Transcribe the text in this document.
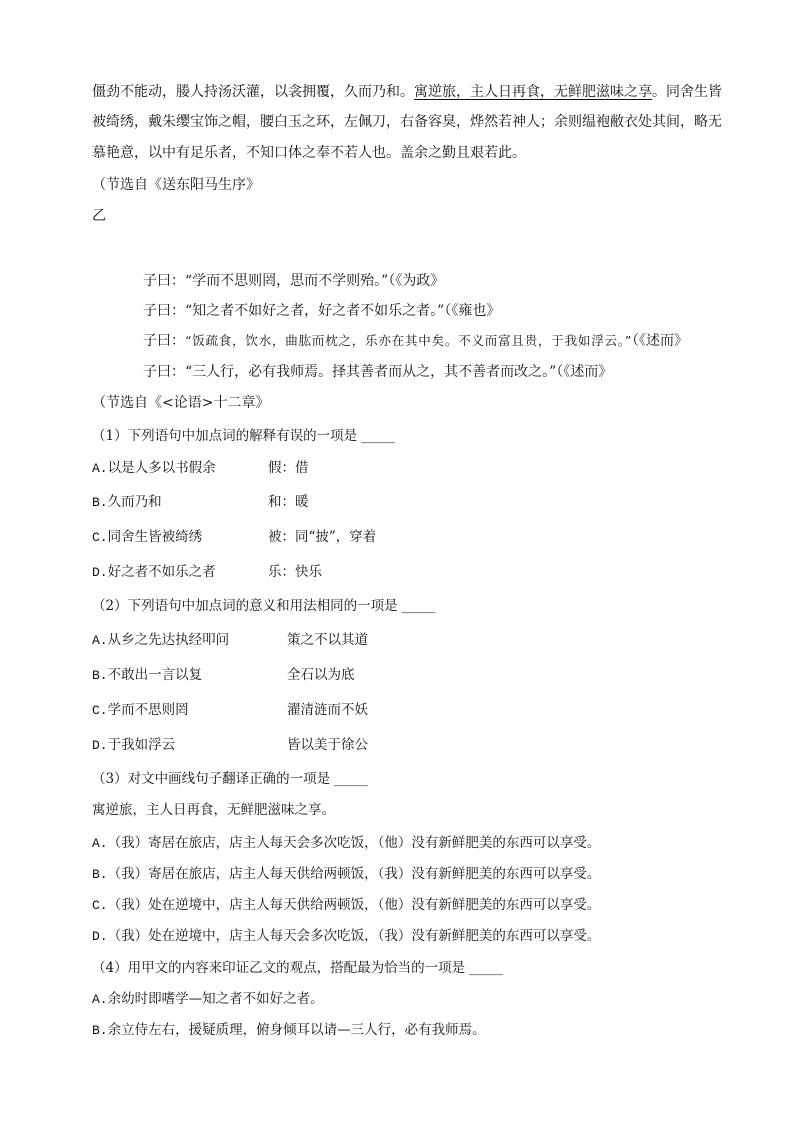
僵劲不能动，媵人持汤沃灌，以衾拥覆，久而乃和。寓逆旅，主人日再食，无鲜肥滋味之享。同舍生皆
被绮绣，戴朱缨宝饰之帽，腰白玉之环，左佩刀，右备容臭，烨然若神人；余则缊袍敝衣处其间，略无
慕艳意，以中有足乐者，不知口体之奉不若人也。盖余之勤且艰若此。
（节选自《送东阳马生序》
乙
子曰：“学而不思则罔，思而不学则殆。”（《为政》
子曰：“知之者不如好之者，好之者不如乐之者。”（《雍也》
子曰：“饭疏食，饮水，曲肱而枕之，乐亦在其中矣。不义而富且贵，于我如浮云。”（《述而》
子曰：“三人行，必有我师焉。择其善者而从之，其不善者而改之。”（《述而》
（节选自《<论语>十二章》
（1）下列语句中加点词的解释有误的一项是 _____
A.以是人多以书假余	假：借
B.久而乃和	和：暖
C.同舍生皆被绮绣	被：同“披”，穿着
D.好之者不如乐之者	乐：快乐
（2）下列语句中加点词的意义和用法相同的一项是 _____
A.从乡之先达执经叩问	策之不以其道
B.不敢出一言以复	全石以为底
C.学而不思则罔	濯清涟而不妖
D.于我如浮云	皆以美于徐公
（3）对文中画线句子翻译正确的一项是 _____
寓逆旅，主人日再食，无鲜肥滋味之享。
A.（我）寄居在旅店，店主人每天会多次吃饭，（他）没有新鲜肥美的东西可以享受。
B.（我）寄居在旅店，店主人每天供给两顿饭，（我）没有新鲜肥美的东西可以享受。
C.（我）处在逆境中，店主人每天供给两顿饭，（他）没有新鲜肥美的东西可以享受。
D.（我）处在逆境中，店主人每天会多次吃饭，（我）没有新鲜肥美的东西可以享受。
（4）用甲文的内容来印证乙文的观点，搭配最为恰当的一项是 _____
A.余幼时即嗜学—知之者不如好之者。
B.余立侍左右，援疑质理，俯身倾耳以请—三人行，必有我师焉。
